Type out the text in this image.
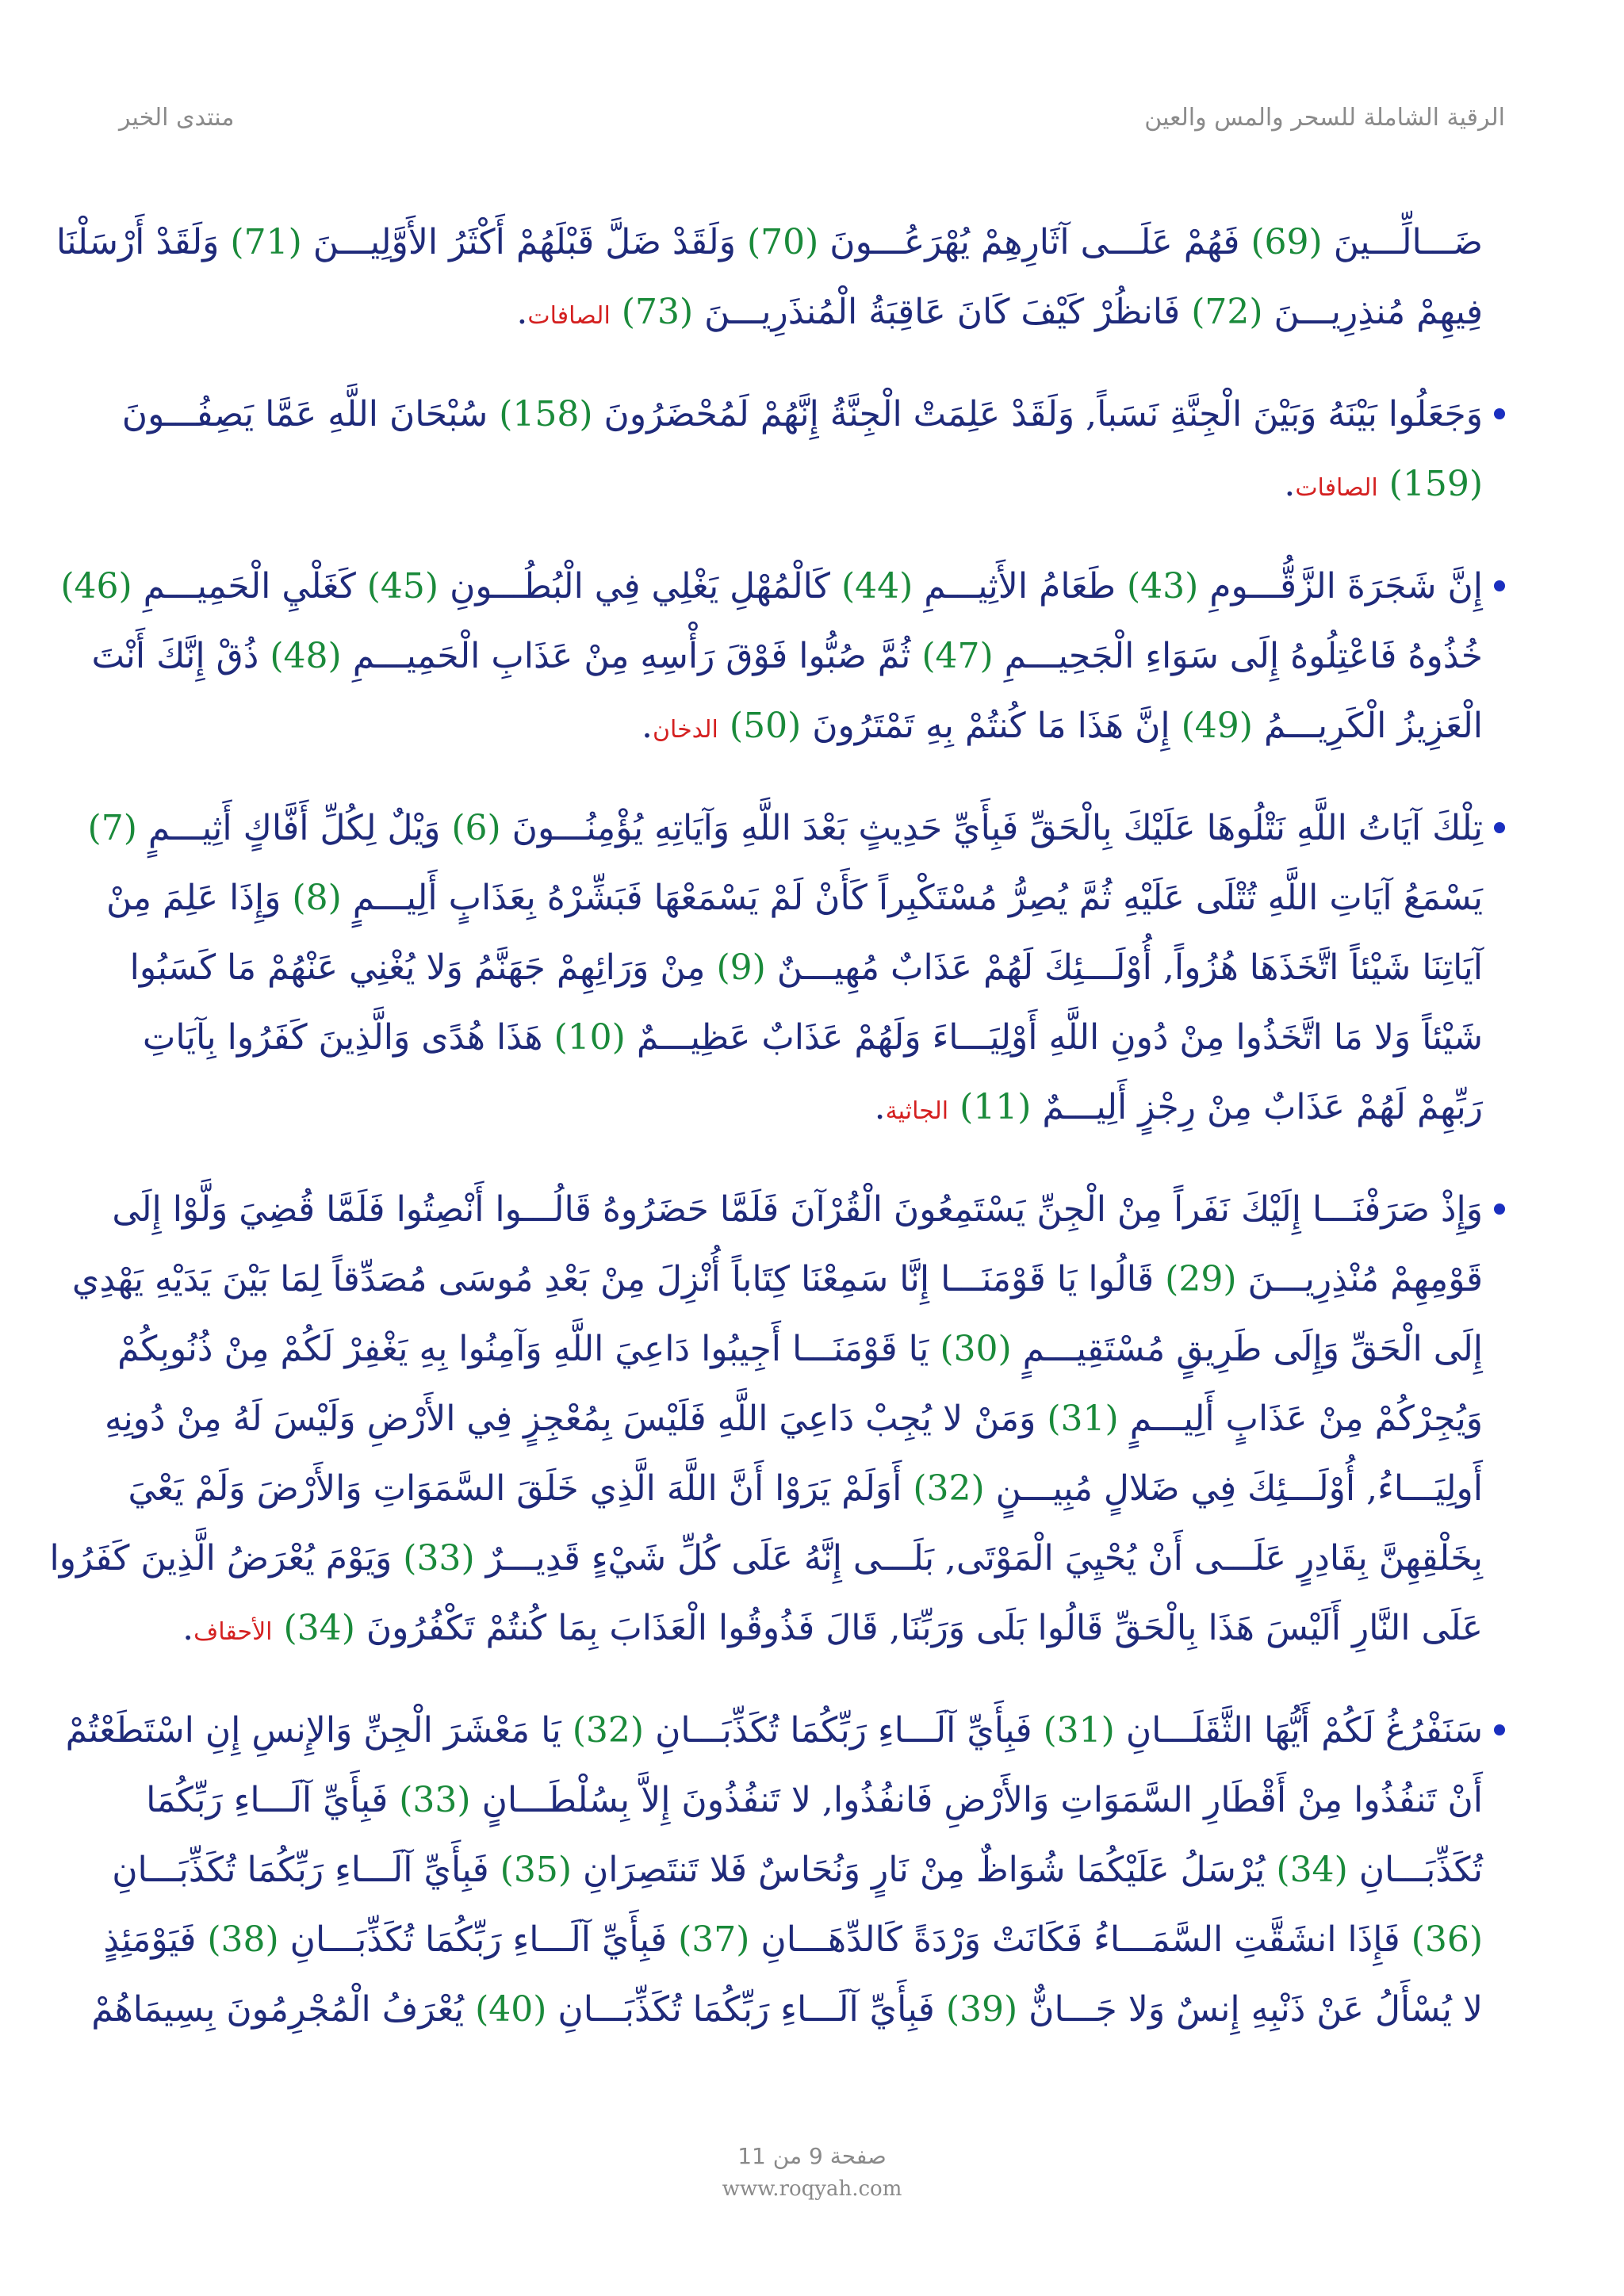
منتدى الخير	الرقية الشاملة للسحر والمس والعين
ضَـــالِّـــينَ (69) فَهُمْ عَلَـــى آثَارِهِمْ يُهْرَعُـــونَ (70) وَلَقَدْ ضَلَّ قَبْلَهُمْ أَكْثَرُ الأَوَّلِيـــنَ (71) وَلَقَدْ أَرْسَلْنَا
فِيهِمْ مُنذِرِيـــنَ (72) فَانظُرْ كَيْفَ كَانَ عَاقِبَةُ الْمُنذَرِيـــنَ (73) الصافات.
وَجَعَلُوا بَيْنَهُ وَبَيْنَ الْجِنَّةِ نَسَباً, وَلَقَدْ عَلِمَتْ الْجِنَّةُ إِنَّهُمْ لَمُحْضَرُونَ (158) سُبْحَانَ اللَّهِ عَمَّا يَصِفُـــونَ
(159) الصافات.
إِنَّ شَجَرَةَ الزَّقُّـــومِ (43) طَعَامُ الأَثِيـــمِ (44) كَالْمُهْلِ يَغْلِي فِي الْبُطُـــونِ (45) كَغَلْيِ الْحَمِيـــمِ (46)
خُذُوهُ فَاعْتِلُوهُ إِلَى سَوَاءِ الْجَحِيـــمِ (47) ثُمَّ صُبُّوا فَوْقَ رَأْسِهِ مِنْ عَذَابِ الْحَمِيـــمِ (48) ذُقْ إِنَّكَ أَنْتَ
الْعَزِيزُ الْكَرِيـــمُ (49) إِنَّ هَذَا مَا كُنتُمْ بِهِ تَمْتَرُونَ (50) الدخان.
تِلْكَ آيَاتُ اللَّهِ نَتْلُوهَا عَلَيْكَ بِالْحَقِّ فَبِأَيِّ حَدِيثٍ بَعْدَ اللَّهِ وَآيَاتِهِ يُؤْمِنُـــونَ (6) وَيْلٌ لِكُلِّ أَفَّاكٍ أَثِيـــمٍ (7)
يَسْمَعُ آيَاتِ اللَّهِ تُتْلَى عَلَيْهِ ثُمَّ يُصِرُّ مُسْتَكْبِراً كَأَنْ لَمْ يَسْمَعْهَا فَبَشِّرْهُ بِعَذَابٍ أَلِيـــمٍ (8) وَإِذَا عَلِمَ مِنْ
آيَاتِنَا شَيْئاً اتَّخَذَهَا هُزُواً, أُوْلَـــئِكَ لَهُمْ عَذَابٌ مُهِيـــنٌ (9) مِنْ وَرَائِهِمْ جَهَنَّمُ وَلا يُغْنِي عَنْهُمْ مَا كَسَبُوا
شَيْئاً وَلا مَا اتَّخَذُوا مِنْ دُونِ اللَّهِ أَوْلِيَـــاءَ وَلَهُمْ عَذَابٌ عَظِيـــمٌ (10) هَذَا هُدًى وَالَّذِينَ كَفَرُوا بِآيَاتِ
رَبِّهِمْ لَهُمْ عَذَابٌ مِنْ رِجْزٍ أَلِيـــمٌ (11) الجاثية.
وَإِذْ صَرَفْنَـــا إِلَيْكَ نَفَراً مِنْ الْجِنِّ يَسْتَمِعُونَ الْقُرْآنَ فَلَمَّا حَضَرُوهُ قَالُـــوا أَنْصِتُوا فَلَمَّا قُضِيَ وَلَّوْا إِلَى
قَوْمِهِمْ مُنْذِرِيـــنَ (29) قَالُوا يَا قَوْمَنَـــا إِنَّا سَمِعْنَا كِتَاباً أُنْزِلَ مِنْ بَعْدِ مُوسَى مُصَدِّقاً لِمَا بَيْنَ يَدَيْهِ يَهْدِي
إِلَى الْحَقِّ وَإِلَى طَرِيقٍ مُسْتَقِيـــمٍ (30) يَا قَوْمَنَـــا أَجِيبُوا دَاعِيَ اللَّهِ وَآمِنُوا بِهِ يَغْفِرْ لَكُمْ مِنْ ذُنُوبِكُمْ
وَيُجِرْكُمْ مِنْ عَذَابٍ أَلِيـــمٍ (31) وَمَنْ لا يُجِبْ دَاعِيَ اللَّهِ فَلَيْسَ بِمُعْجِزٍ فِي الأَرْضِ وَلَيْسَ لَهُ مِنْ دُونِهِ
أَولِيَـــاءُ, أُوْلَـــئِكَ فِي ضَلالٍ مُبِيـــنٍ (32) أَوَلَمْ يَرَوْا أَنَّ اللَّهَ الَّذِي خَلَقَ السَّمَوَاتِ وَالأَرْضَ وَلَمْ يَعْيَ
بِخَلْقِهِنَّ بِقَادِرٍ عَلَـــى أَنْ يُحْيِيَ الْمَوْتَى, بَلَـــى إِنَّهُ عَلَى كُلِّ شَيْءٍ قَدِيـــرٌ (33) وَيَوْمَ يُعْرَضُ الَّذِينَ كَفَرُوا
عَلَى النَّارِ أَلَيْسَ هَذَا بِالْحَقِّ قَالُوا بَلَى وَرَبِّنَا, قَالَ فَذُوقُوا الْعَذَابَ بِمَا كُنتُمْ تَكْفُرُونَ (34) الأحقاف.
سَنَفْرُغُ لَكُمْ أَيُّهَا الثَّقَلَـــانِ (31) فَبِأَيِّ آلَـــاءِ رَبِّكُمَا تُكَذِّبَـــانِ (32) يَا مَعْشَرَ الْجِنِّ وَالإِنسِ إِنِ اسْتَطَعْتُمْ
أَنْ تَنفُذُوا مِنْ أَقْطَارِ السَّمَوَاتِ وَالأَرْضِ فَانفُذُوا, لا تَنفُذُونَ إِلاَّ بِسُلْطَـــانٍ (33) فَبِأَيِّ آلَـــاءِ رَبِّكُمَا
تُكَذِّبَـــانِ (34) يُرْسَلُ عَلَيْكُمَا شُوَاظٌ مِنْ نَارٍ وَنُحَاسٌ فَلا تَنتَصِرَانِ (35) فَبِأَيِّ آلَـــاءِ رَبِّكُمَا تُكَذِّبَـــانِ
(36) فَإِذَا انشَقَّتِ السَّمَـــاءُ فَكَانَتْ وَرْدَةً كَالدِّهَـــانِ (37) فَبِأَيِّ آلَـــاءِ رَبِّكُمَا تُكَذِّبَـــانِ (38) فَيَوْمَئِذٍ
لا يُسْأَلُ عَنْ ذَنْبِهِ إِنسٌ وَلا جَـــانٌّ (39) فَبِأَيِّ آلَـــاءِ رَبِّكُمَا تُكَذِّبَـــانِ (40) يُعْرَفُ الْمُجْرِمُونَ بِسِيمَاهُمْ
صفحة 9 من 11
www.roqyah.com
